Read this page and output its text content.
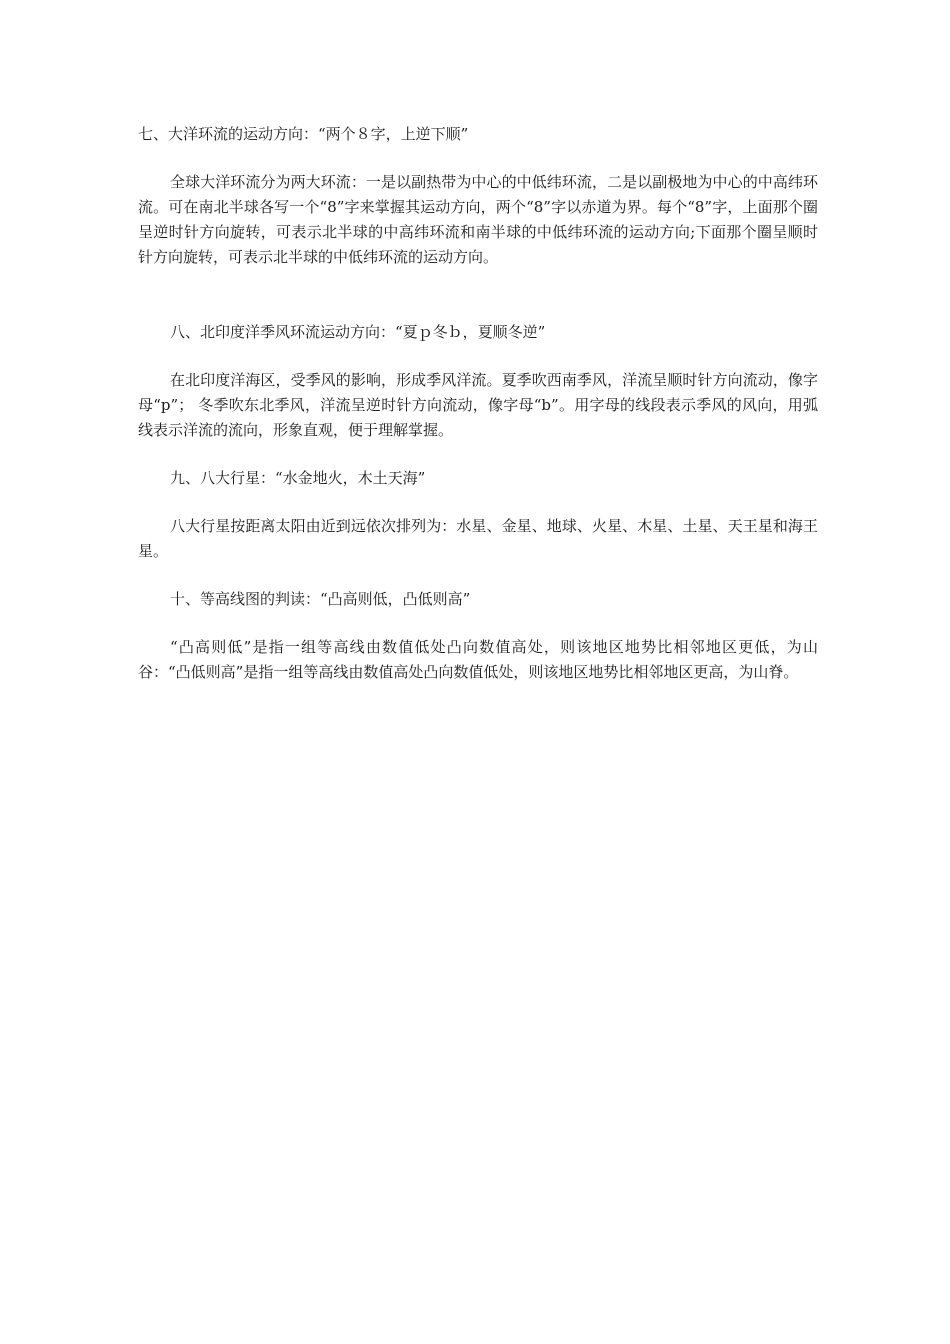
七、大洋环流的运动方向：“两个８字，上逆下顺”

全球大洋环流分为两大环流：一是以副热带为中心的中低纬环流，二是以副极地为中心的中高纬环流。可在南北半球各写一个“8”字来掌握其运动方向，两个“8”字以赤道为界。每个“8”字，上面那个圈呈逆时针方向旋转，可表示北半球的中高纬环流和南半球的中低纬环流的运动方向;下面那个圈呈顺时针方向旋转，可表示北半球的中低纬环流的运动方向。

八、北印度洋季风环流运动方向：“夏ｐ冬ｂ，夏顺冬逆”

在北印度洋海区，受季风的影响，形成季风洋流。夏季吹西南季风，洋流呈顺时针方向流动，像字母“p”； 冬季吹东北季风，洋流呈逆时针方向流动，像字母“b”。用字母的线段表示季风的风向，用弧线表示洋流的流向，形象直观，便于理解掌握。

九、八大行星：“水金地火，木土天海”

八大行星按距离太阳由近到远依次排列为：水星、金星、地球、火星、木星、土星、天王星和海王星。

十、等高线图的判读：“凸高则低，凸低则高”

“凸高则低”是指一组等高线由数值低处凸向数值高处，则该地区地势比相邻地区更低，为山谷：“凸低则高”是指一组等高线由数值高处凸向数值低处，则该地区地势比相邻地区更高，为山脊。
